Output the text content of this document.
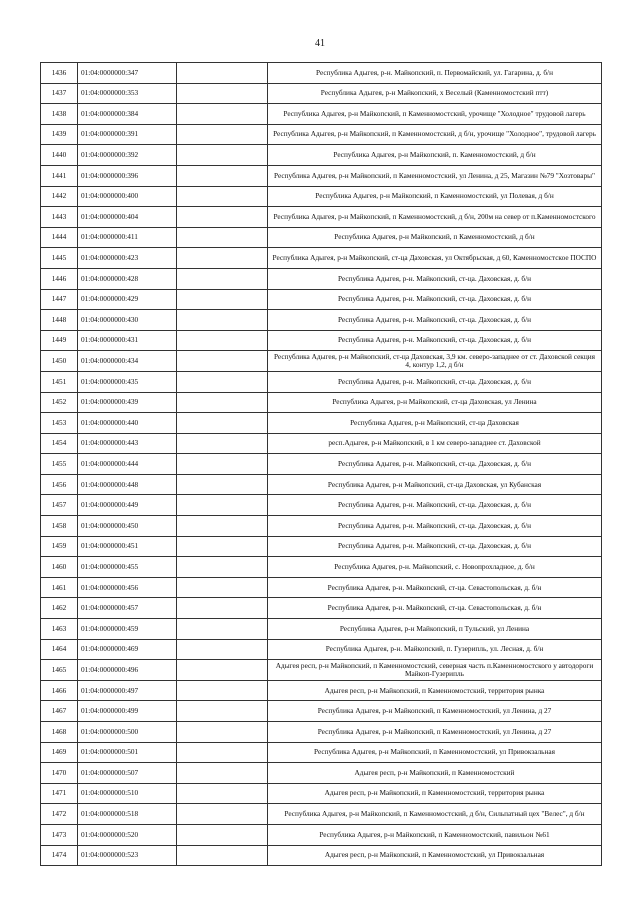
41
1436	01:04:0000000:347		Республика Адыгея, р-н. Майкопский, п. Первомайский, ул. Гагарина, д. б/н
1437	01:04:0000000:353		Республика Адыгея, р-н Майкопский, х Веселый (Каменномостский птт)
1438	01:04:0000000:384		Республика Адыгея, р-н Майкопский, п Каменномостский, урочище "Холодное" трудовой лагерь
1439	01:04:0000000:391		Республика Адыгея, р-н Майкопский, п Каменномостский, д б/н, урочище "Холодное", трудовой лагерь
1440	01:04:0000000:392		Республика Адыгея, р-н Майкопский, п. Каменномостский, д б/н
1441	01:04:0000000:396		Республика Адыгея, р-н Майкопский, п Каменномостский, ул Ленина, д 25, Магазин №79 "Хозтовары"
1442	01:04:0000000:400		Республика Адыгея, р-н Майкопский, п Каменномостский, ул Полевая, д б/н
1443	01:04:0000000:404		Республика Адыгея, р-н Майкопский, п Каменномостский, д б/н, 200м на север от п.Каменномостского
1444	01:04:0000000:411		Республика Адыгея, р-н Майкопский, п Каменномостский, д б/н
1445	01:04:0000000:423		Республика Адыгея, р-н Майкопский, ст-ца Даховская, ул Октябрьская, д 60, Каменномостское ПОСПО
1446	01:04:0000000:428		Республика Адыгея, р-н. Майкопский, ст-ца. Даховская, д. б/н
1447	01:04:0000000:429		Республика Адыгея, р-н. Майкопский, ст-ца. Даховская, д. б/н
1448	01:04:0000000:430		Республика Адыгея, р-н. Майкопский, ст-ца. Даховская, д. б/н
1449	01:04:0000000:431		Республика Адыгея, р-н. Майкопский, ст-ца. Даховская, д. б/н
1450	01:04:0000000:434		Республика Адыгея, р-н Майкопский, ст-ца Даховская, 3,9 км. северо-западнее от ст. Даховской секция 4, контур 1,2, д б/н
1451	01:04:0000000:435		Республика Адыгея, р-н. Майкопский, ст-ца. Даховская, д. б/н
1452	01:04:0000000:439		Республика Адыгея, р-н Майкопский, ст-ца Даховская, ул Ленина
1453	01:04:0000000:440		Республика Адыгея, р-н Майкопский, ст-ца Даховская
1454	01:04:0000000:443		респ.Адыгея, р-н Майкопский, в 1 км северо-западнее ст. Даховской
1455	01:04:0000000:444		Республика Адыгея, р-н. Майкопский, ст-ца. Даховская, д. б/н
1456	01:04:0000000:448		Республика Адыгея, р-н Майкопский, ст-ца Даховская, ул Кубанская
1457	01:04:0000000:449		Республика Адыгея, р-н. Майкопский, ст-ца. Даховская, д. б/н
1458	01:04:0000000:450		Республика Адыгея, р-н. Майкопский, ст-ца. Даховская, д. б/н
1459	01:04:0000000:451		Республика Адыгея, р-н. Майкопский, ст-ца. Даховская, д. б/н
1460	01:04:0000000:455		Республика Адыгея, р-н. Майкопский, с. Новопрохладное, д. б/н
1461	01:04:0000000:456		Республика Адыгея, р-н. Майкопский, ст-ца. Севастопольская, д. б/н
1462	01:04:0000000:457		Республика Адыгея, р-н. Майкопский, ст-ца. Севастопольская, д. б/н
1463	01:04:0000000:459		Республика Адыгея, р-н Майкопский, п Тульский, ул Ленина
1464	01:04:0000000:469		Республика Адыгея, р-н. Майкопский, п. Гузерипль, ул. Лесная, д. б/н
1465	01:04:0000000:496		Адыгея респ, р-н Майкопский, п Каменномостский, северная часть п.Каменномостского у автодороги Майкоп-Гузерипль
1466	01:04:0000000:497		Адыгея респ, р-н Майкопский, п Каменномостский, территория рынка
1467	01:04:0000000:499		Республика Адыгея, р-н Майкопский, п Каменномостский, ул Ленина, д 27
1468	01:04:0000000:500		Республика Адыгея, р-н Майкопский, п Каменномостский, ул Ленина, д 27
1469	01:04:0000000:501		Республика Адыгея, р-н Майкопский, п Каменномостский, ул Привокзальная
1470	01:04:0000000:507		Адыгея респ, р-н Майкопский, п Каменномостский
1471	01:04:0000000:510		Адыгея респ, р-н Майкопский, п Каменномостский, территория рынка
1472	01:04:0000000:518		Республика Адыгея, р-н Майкопский, п Каменномостский, д б/н, Сильпатный цех "Велес", д б/н
1473	01:04:0000000:520		Республика Адыгея, р-н Майкопский, п Каменномостский, павильон №61
1474	01:04:0000000:523		Адыгея респ, р-н Майкопский, п Каменномостский, ул Привокзальная
